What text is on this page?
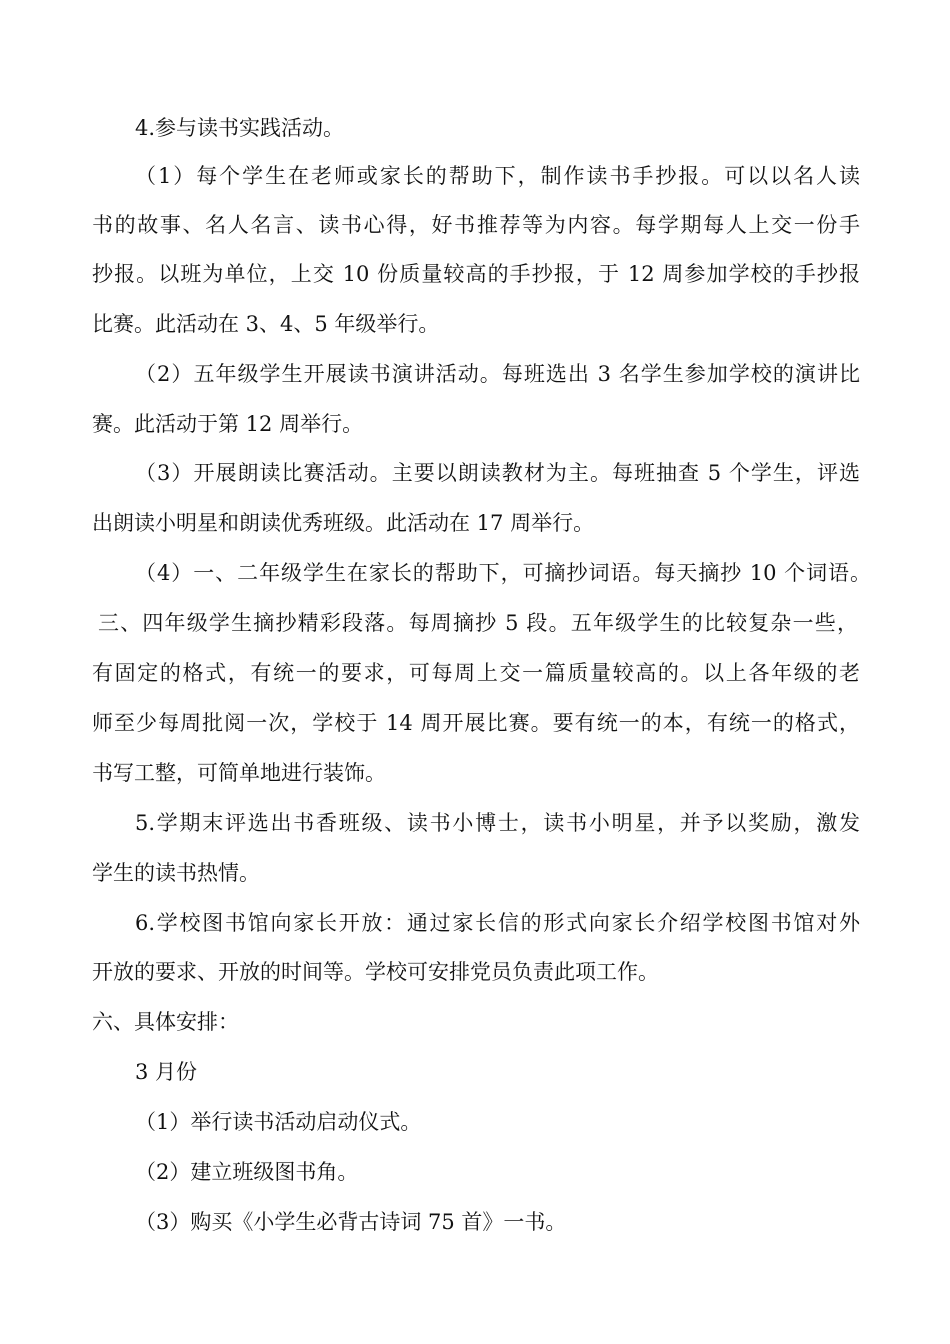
4.参与读书实践活动。
（1）每个学生在老师或家长的帮助下，制作读书手抄报。可以以名人读
书的故事、名人名言、读书心得，好书推荐等为内容。每学期每人上交一份手
抄报。以班为单位，上交 10 份质量较高的手抄报，于 12 周参加学校的手抄报
比赛。此活动在 3、4、5 年级举行。
（2）五年级学生开展读书演讲活动。每班选出 3 名学生参加学校的演讲比
赛。此活动于第 12 周举行。
（3）开展朗读比赛活动。主要以朗读教材为主。每班抽查 5 个学生，评选
出朗读小明星和朗读优秀班级。此活动在 17 周举行。
（4）一、二年级学生在家长的帮助下，可摘抄词语。每天摘抄 10 个词语。
三、四年级学生摘抄精彩段落。每周摘抄 5 段。五年级学生的比较复杂一些，
有固定的格式，有统一的要求，可每周上交一篇质量较高的。以上各年级的老
师至少每周批阅一次，学校于 14 周开展比赛。要有统一的本，有统一的格式，
书写工整，可简单地进行装饰。
5.学期末评选出书香班级、读书小博士，读书小明星，并予以奖励，激发
学生的读书热情。
6.学校图书馆向家长开放：通过家长信的形式向家长介绍学校图书馆对外
开放的要求、开放的时间等。学校可安排党员负责此项工作。
六、具体安排：
3 月份
（1）举行读书活动启动仪式。
（2）建立班级图书角。
（3）购买《小学生必背古诗词 75 首》一书。
